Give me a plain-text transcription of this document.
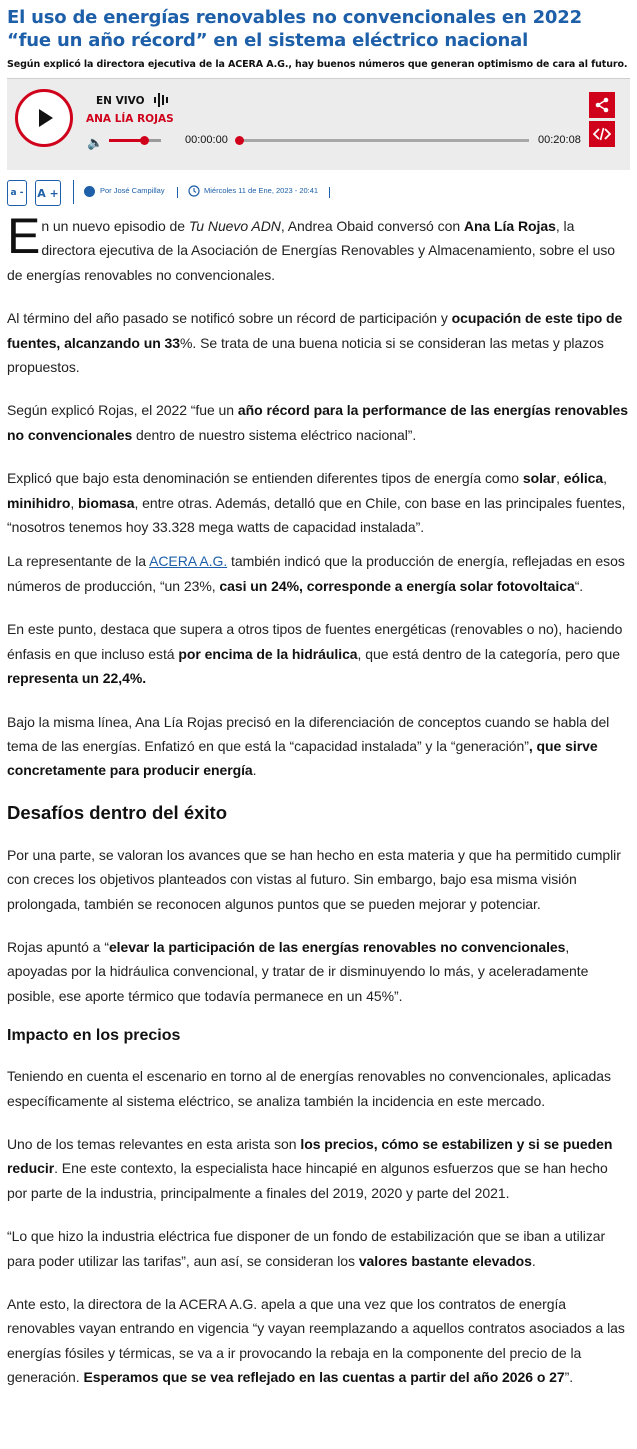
El uso de energías renovables no convencionales en 2022 “fue un año récord” en el sistema eléctrico nacional
Según explicó la directora ejecutiva de la ACERA A.G., hay buenos números que generan optimismo de cara al futuro.
EN VIVO
ANA LÍA ROJAS
🔈	00:00:00	00:20:08
a -	A +	Por José Campillay	Miércoles 11 de Ene, 2023 - 20:41

En un nuevo episodio de Tu Nuevo ADN, Andrea Obaid conversó con Ana Lía Rojas, la directora ejecutiva de la Asociación de Energías Renovables y Almacenamiento, sobre el uso de energías renovables no convencionales.

Al término del año pasado se notificó sobre un récord de participación y ocupación de este tipo de fuentes, alcanzando un 33%. Se trata de una buena noticia si se consideran las metas y plazos propuestos.

Según explicó Rojas, el 2022 “fue un año récord para la performance de las energías renovables no convencionales dentro de nuestro sistema eléctrico nacional”.

Explicó que bajo esta denominación se entienden diferentes tipos de energía como solar, eólica, minihidro, biomasa, entre otras. Además, detalló que en Chile, con base en las principales fuentes, “nosotros tenemos hoy 33.328 mega watts de capacidad instalada”.

La representante de la ACERA A.G. también indicó que la producción de energía, reflejadas en esos números de producción, “un 23%, casi un 24%, corresponde a energía solar fotovoltaica“.

En este punto, destaca que supera a otros tipos de fuentes energéticas (renovables o no), haciendo énfasis en que incluso está por encima de la hidráulica, que está dentro de la categoría, pero que representa un 22,4%.

Bajo la misma línea, Ana Lía Rojas precisó en la diferenciación de conceptos cuando se habla del tema de las energías. Enfatizó en que está la “capacidad instalada” y la “generación”, que sirve concretamente para producir energía.

Desafíos dentro del éxito

Por una parte, se valoran los avances que se han hecho en esta materia y que ha permitido cumplir con creces los objetivos planteados con vistas al futuro. Sin embargo, bajo esa misma visión prolongada, también se reconocen algunos puntos que se pueden mejorar y potenciar.

Rojas apuntó a “elevar la participación de las energías renovables no convencionales, apoyadas por la hidráulica convencional, y tratar de ir disminuyendo lo más, y aceleradamente posible, ese aporte térmico que todavía permanece en un 45%”.

Impacto en los precios

Teniendo en cuenta el escenario en torno al de energías renovables no convencionales, aplicadas específicamente al sistema eléctrico, se analiza también la incidencia en este mercado.

Uno de los temas relevantes en esta arista son los precios, cómo se estabilizen y si se pueden reducir. Ene este contexto, la especialista hace hincapié en algunos esfuerzos que se han hecho por parte de la industria, principalmente a finales del 2019, 2020 y parte del 2021.

“Lo que hizo la industria eléctrica fue disponer de un fondo de estabilización que se iban a utilizar para poder utilizar las tarifas”, aun así, se consideran los valores bastante elevados.

Ante esto, la directora de la ACERA A.G. apela a que una vez que los contratos de energía renovables vayan entrando en vigencia “y vayan reemplazando a aquellos contratos asociados a las energías fósiles y térmicas, se va a ir provocando la rebaja en la componente del precio de la generación. Esperamos que se vea reflejado en las cuentas a partir del año 2026 o 27”.
